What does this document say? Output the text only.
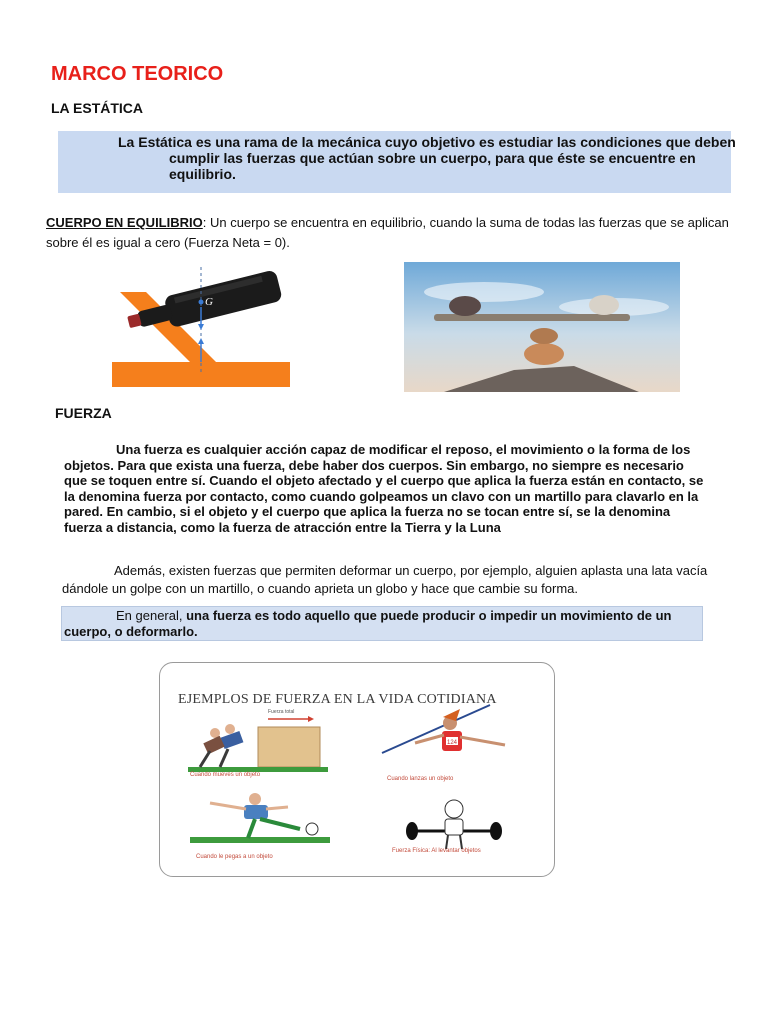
MARCO TEORICO
LA ESTÁTICA

La Estática es una rama de la mecánica cuyo objetivo es estudiar las condiciones que deben cumplir las fuerzas que actúan sobre un cuerpo, para que éste se encuentre en equilibrio.

CUERPO EN EQUILIBRIO: Un cuerpo se encuentra en equilibrio, cuando la suma de todas las fuerzas que se aplican sobre él es igual a cero (Fuerza Neta = 0).
G
FUERZA
Una fuerza es cualquier acción capaz de modificar el reposo, el movimiento o la forma de los objetos. Para que exista una fuerza, debe haber dos cuerpos. Sin embargo, no siempre es necesario que se toquen entre sí. Cuando el objeto afectado y el cuerpo que aplica la fuerza están en contacto, se la denomina fuerza por contacto, como cuando golpeamos un clavo con un martillo para clavarlo en la pared. En cambio, si el objeto y el cuerpo que aplica la fuerza no se tocan entre sí, se la denomina fuerza a distancia, como la fuerza de atracción entre la Tierra y la Luna
Además, existen fuerzas que permiten deformar un cuerpo, por ejemplo, alguien aplasta una lata vacía dándole un golpe con un martillo, o cuando aprieta un globo y hace que cambie su forma.

En general, una fuerza es todo aquello que puede producir o impedir un movimiento de un cuerpo, o deformarlo.

EJEMPLOS DE FUERZA EN LA VIDA COTIDIANA
Fuerza total
124
Cuando mueves un objeto
Cuando lanzas un objeto
Cuando le pegas a un objeto
Fuerza Física: Al levantar objetos
